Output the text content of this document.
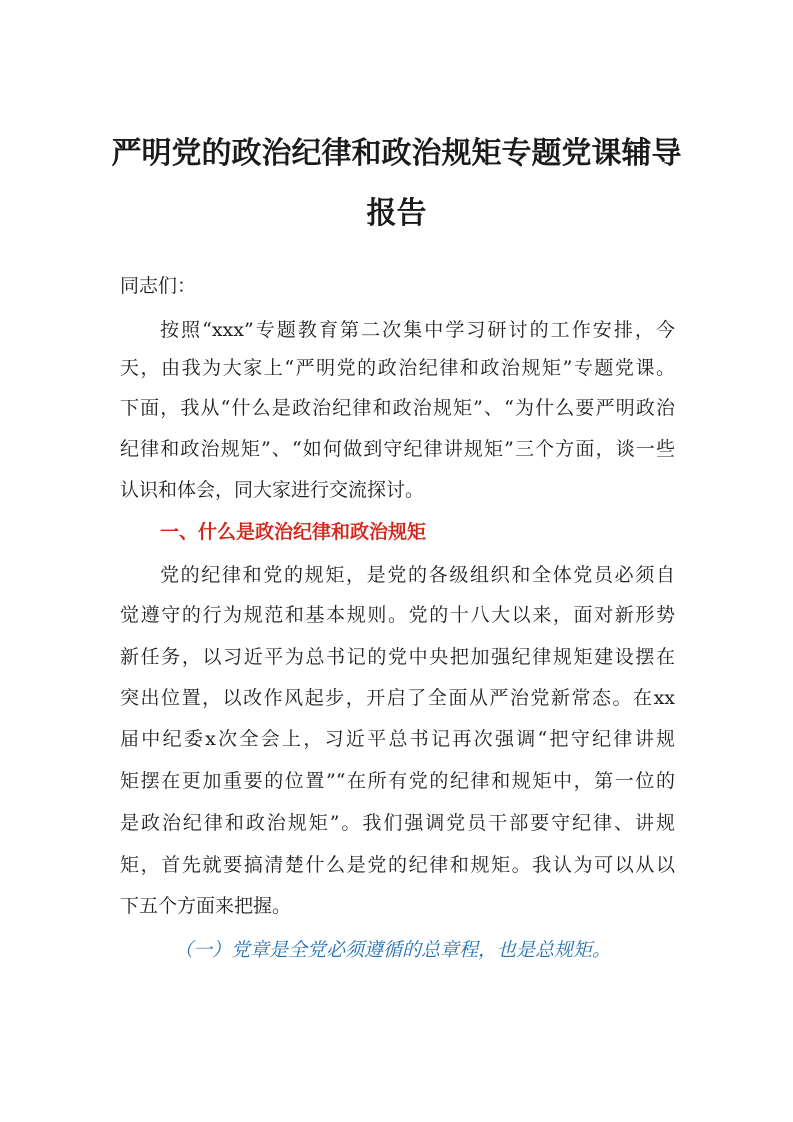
严明党的政治纪律和政治规矩专题党课辅导
报告
同志们：
按照“xxx”专题教育第二次集中学习研讨的工作安排，今
天，由我为大家上“严明党的政治纪律和政治规矩”专题党课。
下面，我从“什么是政治纪律和政治规矩”、“为什么要严明政治
纪律和政治规矩”、“如何做到守纪律讲规矩”三个方面，谈一些
认识和体会，同大家进行交流探讨。
一、什么是政治纪律和政治规矩
党的纪律和党的规矩，是党的各级组织和全体党员必须自
觉遵守的行为规范和基本规则。党的十八大以来，面对新形势
新任务，以习近平为总书记的党中央把加强纪律规矩建设摆在
突出位置，以改作风起步，开启了全面从严治党新常态。在xx
届中纪委x次全会上，习近平总书记再次强调“把守纪律讲规
矩摆在更加重要的位置”“在所有党的纪律和规矩中，第一位的
是政治纪律和政治规矩”。我们强调党员干部要守纪律、讲规
矩，首先就要搞清楚什么是党的纪律和规矩。我认为可以从以
下五个方面来把握。
（一）党章是全党必须遵循的总章程，也是总规矩。
